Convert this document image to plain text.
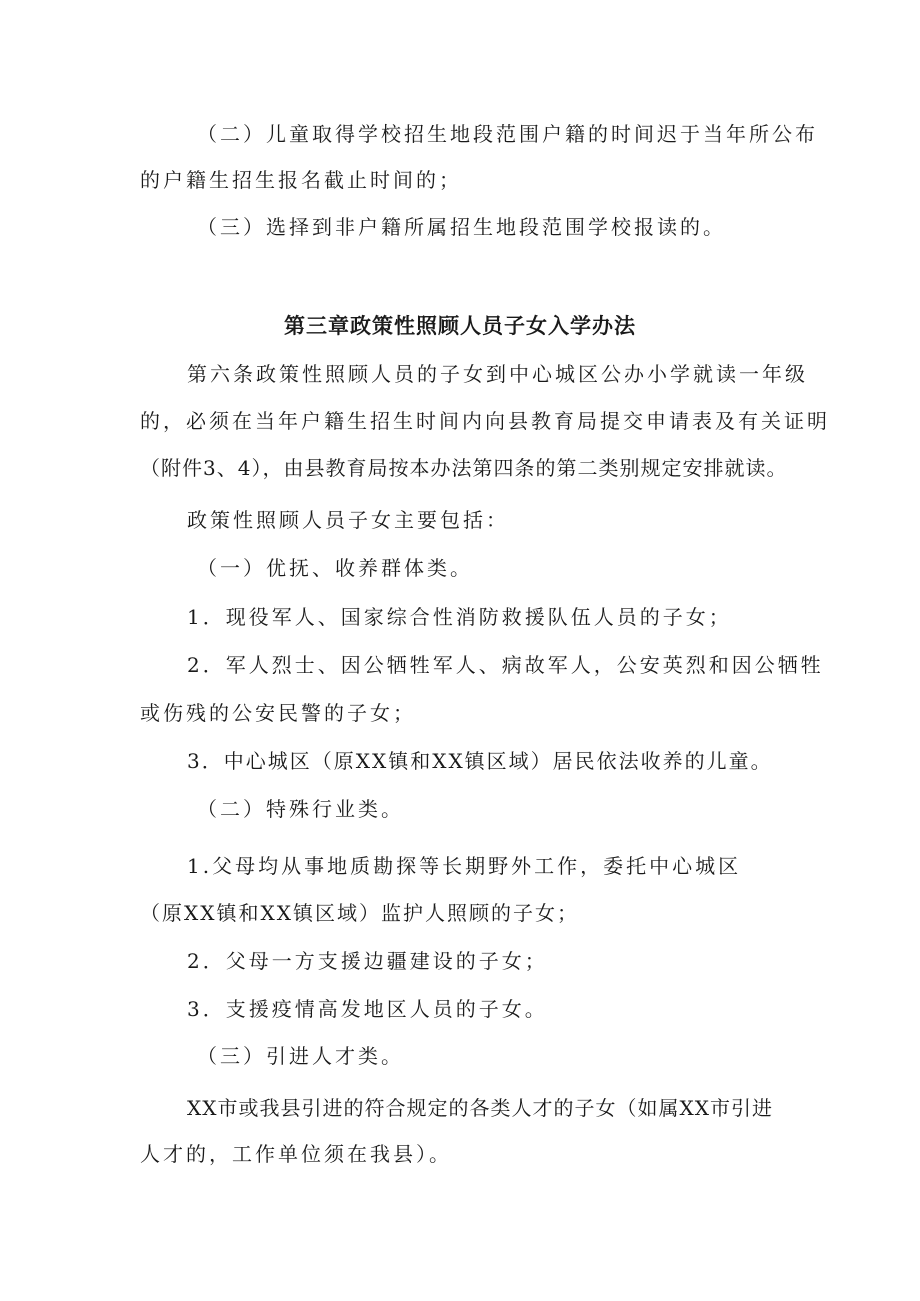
（二）儿童取得学校招生地段范围户籍的时间迟于当年所公布
的户籍生招生报名截止时间的；
（三）选择到非户籍所属招生地段范围学校报读的。
第三章政策性照顾人员子女入学办法
第六条政策性照顾人员的子女到中心城区公办小学就读一年级
的，必须在当年户籍生招生时间内向县教育局提交申请表及有关证明
（附件3、4），由县教育局按本办法第四条的第二类别规定安排就读。
政策性照顾人员子女主要包括：
（一）优抚、收养群体类。
1．现役军人、国家综合性消防救援队伍人员的子女；
2．军人烈士、因公牺牲军人、病故军人，公安英烈和因公牺牲
或伤残的公安民警的子女；
3．中心城区（原XX镇和XX镇区域）居民依法收养的儿童。
（二）特殊行业类。
1.父母均从事地质勘探等长期野外工作，委托中心城区
（原XX镇和XX镇区域）监护人照顾的子女；
2．父母一方支援边疆建设的子女；
3．支援疫情高发地区人员的子女。
（三）引进人才类。
XX市或我县引进的符合规定的各类人才的子女（如属XX市引进
人才的，工作单位须在我县）。
